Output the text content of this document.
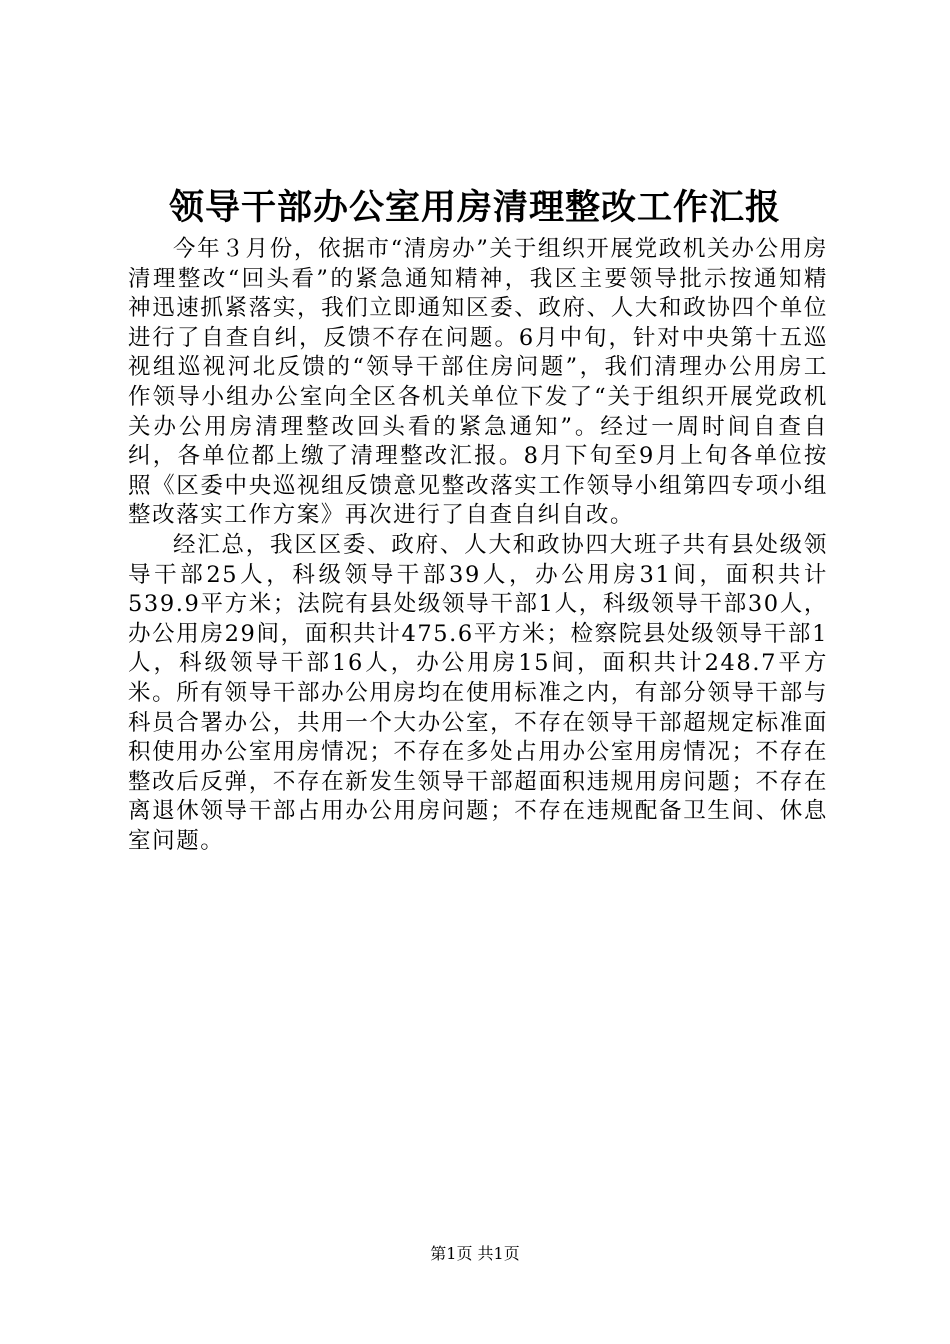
领导干部办公室用房清理整改工作汇报

今年３月份，依据市“清房办”关于组织开展党政机关办公用房清理整改“回头看”的紧急通知精神，我区主要领导批示按通知精神迅速抓紧落实，我们立即通知区委、政府、人大和政协四个单位进行了自查自纠，反馈不存在问题。6月中旬，针对中央第十五巡视组巡视河北反馈的“领导干部住房问题”，我们清理办公用房工作领导小组办公室向全区各机关单位下发了“关于组织开展党政机关办公用房清理整改回头看的紧急通知”。经过一周时间自查自纠，各单位都上缴了清理整改汇报。8月下旬至9月上旬各单位按照《区委中央巡视组反馈意见整改落实工作领导小组第四专项小组整改落实工作方案》再次进行了自查自纠自改。

经汇总，我区区委、政府、人大和政协四大班子共有县处级领导干部25人，科级领导干部39人，办公用房31间，面积共计539.9平方米；法院有县处级领导干部1人，科级领导干部30人，办公用房29间，面积共计475.6平方米；检察院县处级领导干部1人，科级领导干部16人，办公用房15间，面积共计248.7平方米。所有领导干部办公用房均在使用标准之内，有部分领导干部与科员合署办公，共用一个大办公室，不存在领导干部超规定标准面积使用办公室用房情况；不存在多处占用办公室用房情况；不存在整改后反弹，不存在新发生领导干部超面积违规用房问题；不存在离退休领导干部占用办公用房问题；不存在违规配备卫生间、休息室问题。

第1页 共1页
